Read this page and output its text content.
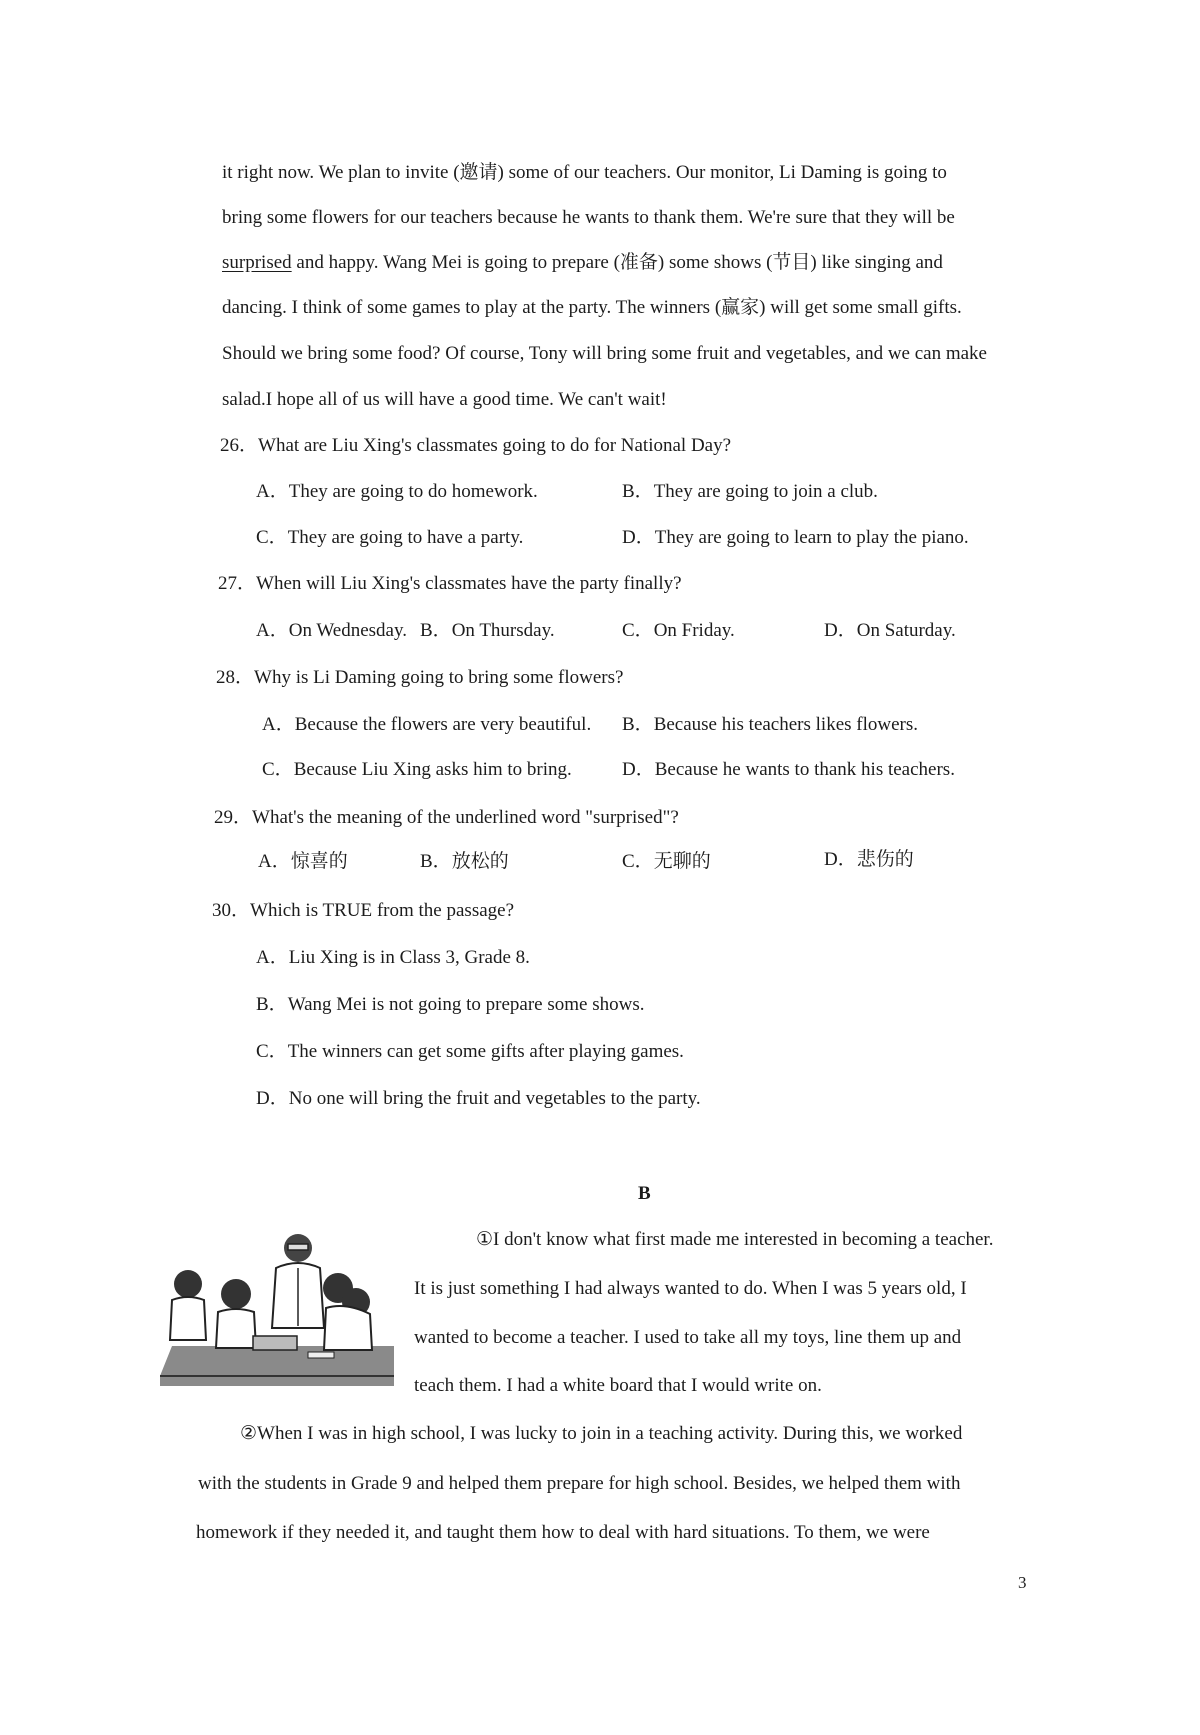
it right now. We plan to invite (邀请) some of our teachers. Our monitor, Li Daming is going to
bring some flowers for our teachers because he wants to thank them. We're sure that they will be
surprised and happy. Wang Mei is going to prepare (准备) some shows (节目) like singing and
dancing. I think of some games to play at the party. The winners (赢家) will get some small gifts.
Should we bring some food? Of course, Tony will bring some fruit and vegetables, and we can make
salad.I hope all of us will have a good time. We can't wait!
26．What are Liu Xing's classmates going to do for National Day?
A．They are going to do homework.	B．They are going to join a club.
C．They are going to have a party.	D．They are going to learn to play the piano.
27．When will Liu Xing's classmates have the party finally?
A．On Wednesday. B．On Thursday.	C．On Friday.	D．On Saturday.
28．Why is Li Daming going to bring some flowers?
A．Because the flowers are very beautiful. B．Because his teachers likes flowers.
C．Because Liu Xing asks him to bring.	D．Because he wants to thank his teachers.
29．What's the meaning of the underlined word "surprised"?
A．惊喜的	B．放松的	C．无聊的	D．悲伤的
30．Which is TRUE from the passage?
A．Liu Xing is in Class 3, Grade 8.
B．Wang Mei is not going to prepare some shows.
C．The winners can get some gifts after playing games.
D．No one will bring the fruit and vegetables to the party.
B
①I don't know what first made me interested in becoming a teacher.
It is just something I had always wanted to do. When I was 5 years old, I
wanted to become a teacher. I used to take all my toys, line them up and
teach them. I had a white board that I would write on.
②When I was in high school, I was lucky to join in a teaching activity. During this, we worked
with the students in Grade 9 and helped them prepare for high school. Besides, we helped them with
homework if they needed it, and taught them how to deal with hard situations. To them, we were
3
